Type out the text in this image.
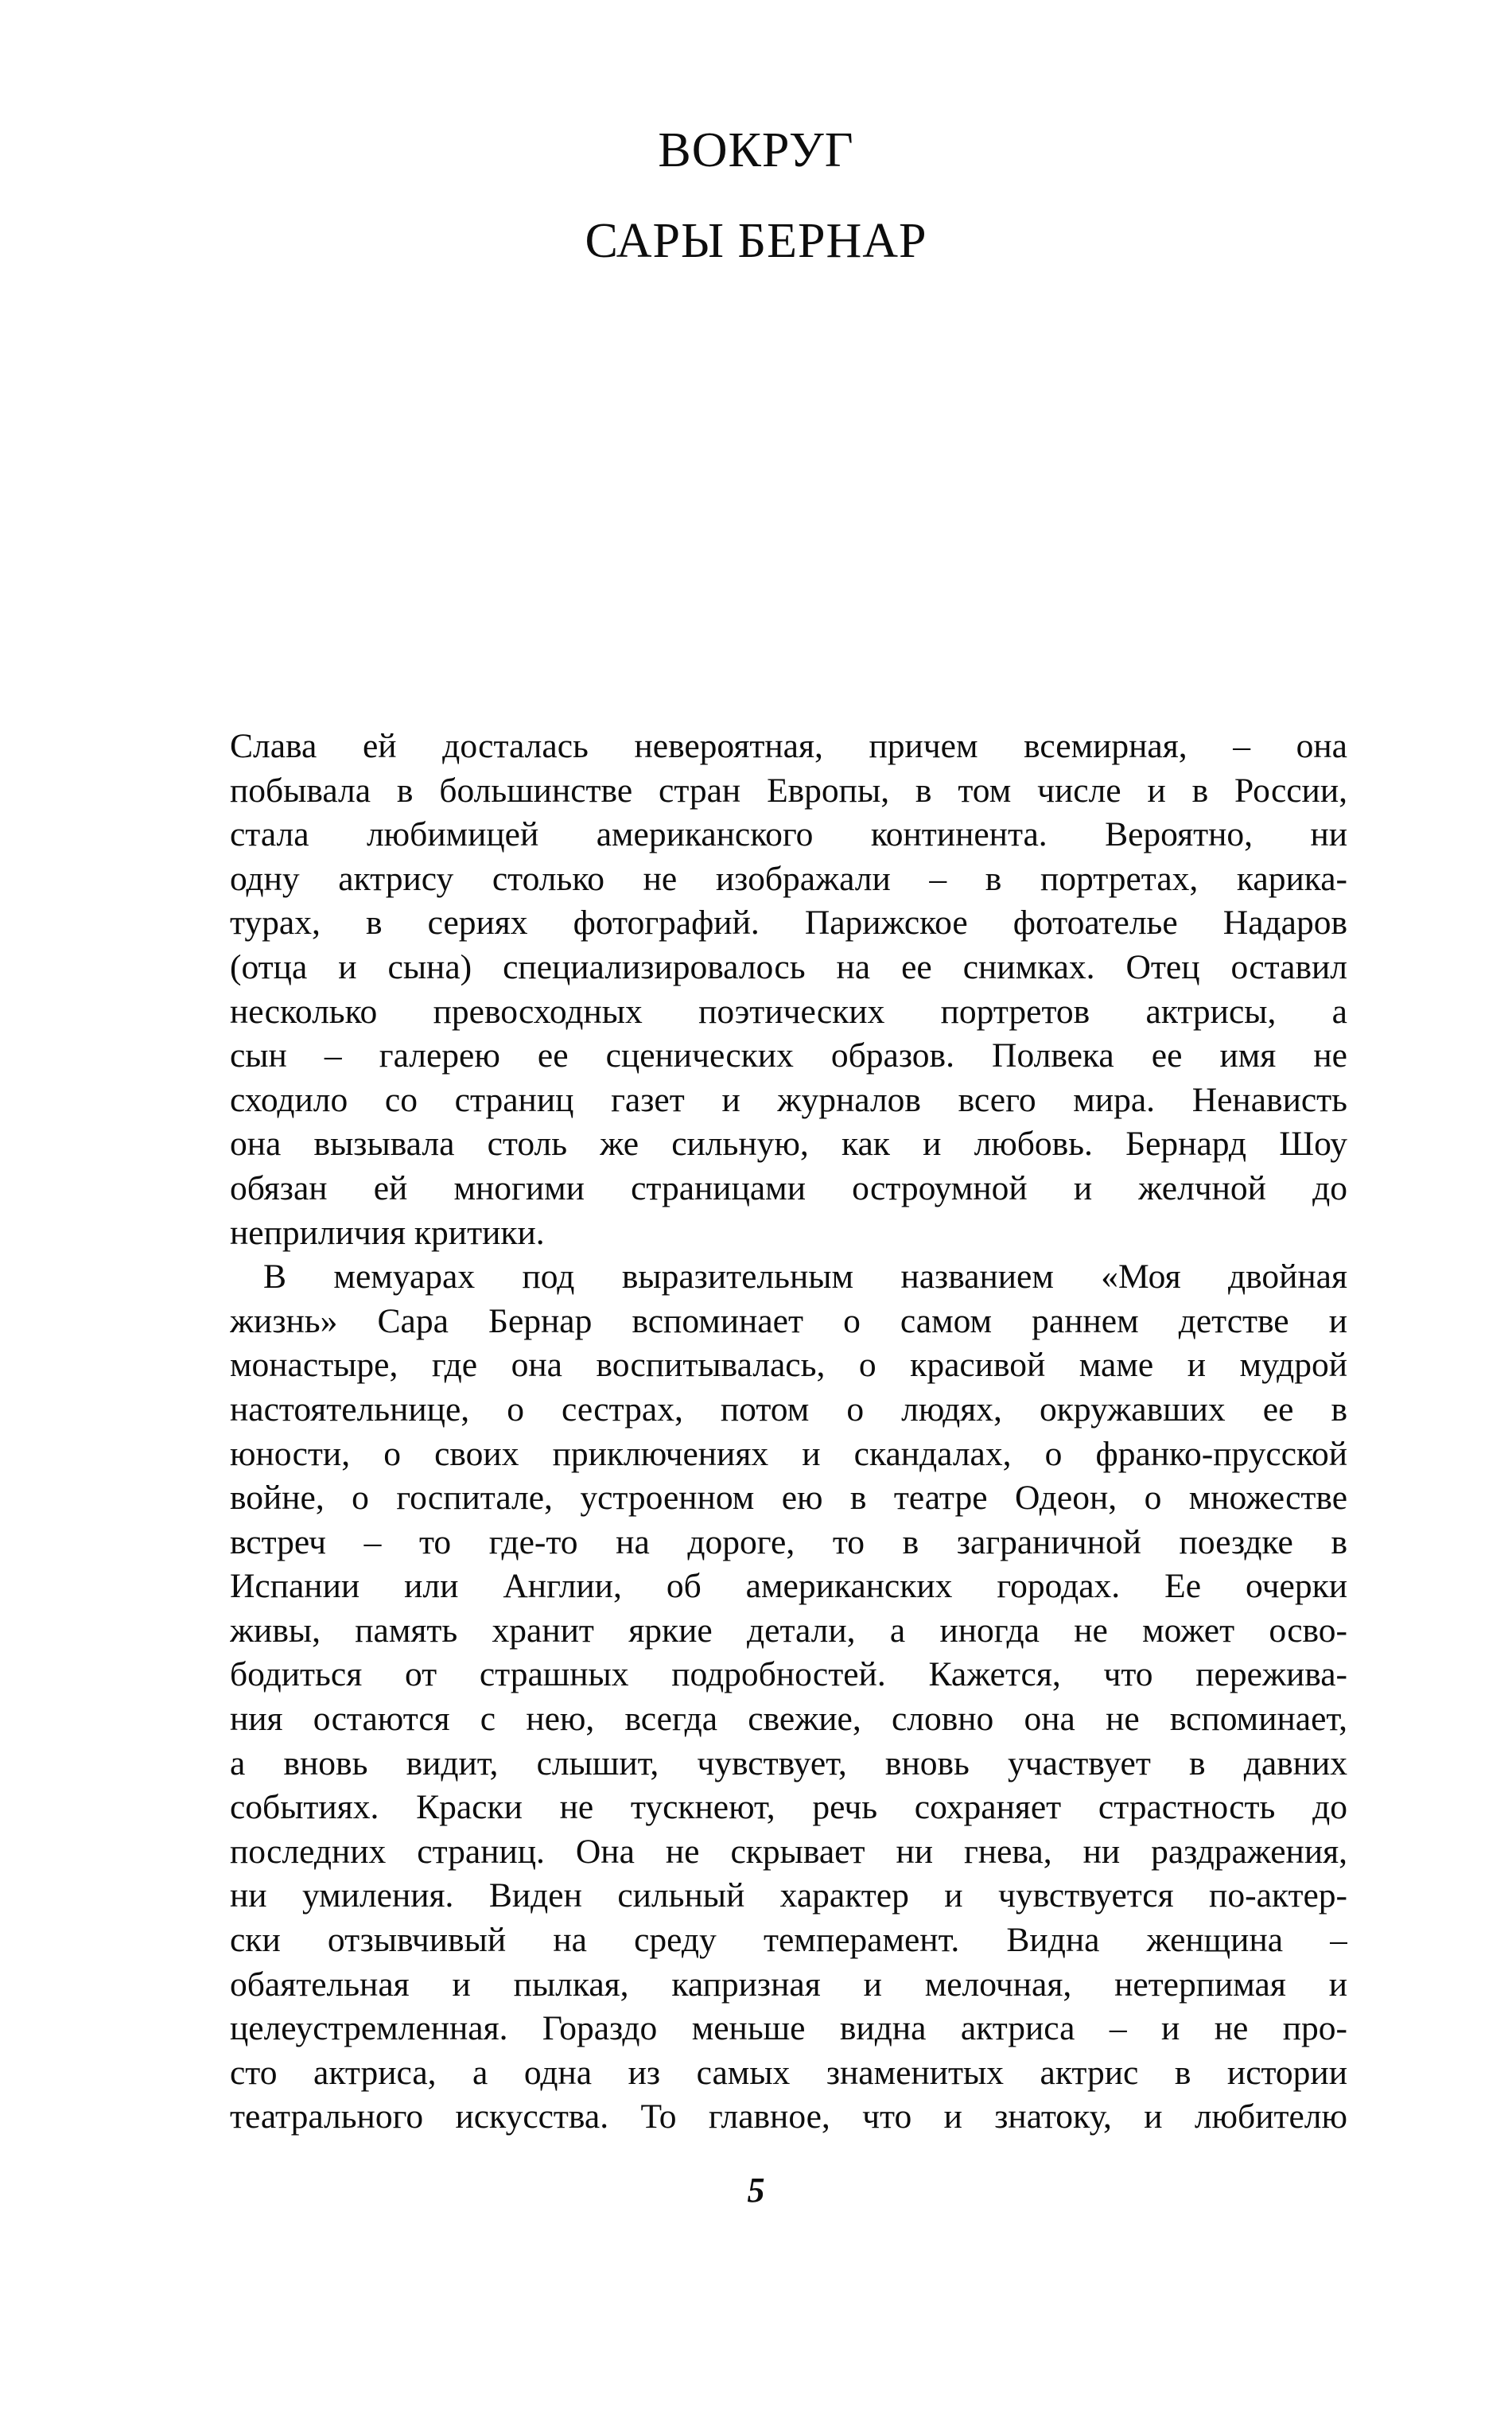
ВОКРУГ
САРЫ БЕРНАР
Слава ей досталась невероятная, причем всемирная, – она
побывала в большинстве стран Европы, в том числе и в России,
стала любимицей американского континента. Вероятно, ни
одну актрису столько не изображали – в портретах, карика-
турах, в сериях фотографий. Парижское фотоателье Надаров
(отца и сына) специализировалось на ее снимках. Отец оставил
несколько превосходных поэтических портретов актрисы, а
сын – галерею ее сценических образов. Полвека ее имя не
сходило со страниц газет и журналов всего мира. Ненависть
она вызывала столь же сильную, как и любовь. Бернард Шоу
обязан ей многими страницами остроумной и желчной до
неприличия критики.
В мемуарах под выразительным названием «Моя двойная
жизнь» Сара Бернар вспоминает о самом раннем детстве и
монастыре, где она воспитывалась, о красивой маме и мудрой
настоятельнице, о сестрах, потом о людях, окружавших ее в
юности, о своих приключениях и скандалах, о франко-прусской
войне, о госпитале, устроенном ею в театре Одеон, о множестве
встреч – то где-то на дороге, то в заграничной поездке в
Испании или Англии, об американских городах. Ее очерки
живы, память хранит яркие детали, а иногда не может осво-
бодиться от страшных подробностей. Кажется, что пережива-
ния остаются с нею, всегда свежие, словно она не вспоминает,
а вновь видит, слышит, чувствует, вновь участвует в давних
событиях. Краски не тускнеют, речь сохраняет страстность до
последних страниц. Она не скрывает ни гнева, ни раздражения,
ни умиления. Виден сильный характер и чувствуется по-актер-
ски отзывчивый на среду темперамент. Видна женщина –
обаятельная и пылкая, капризная и мелочная, нетерпимая и
целеустремленная. Гораздо меньше видна актриса – и не про-
сто актриса, а одна из самых знаменитых актрис в истории
театрального искусства. То главное, что и знатоку, и любителю
5
